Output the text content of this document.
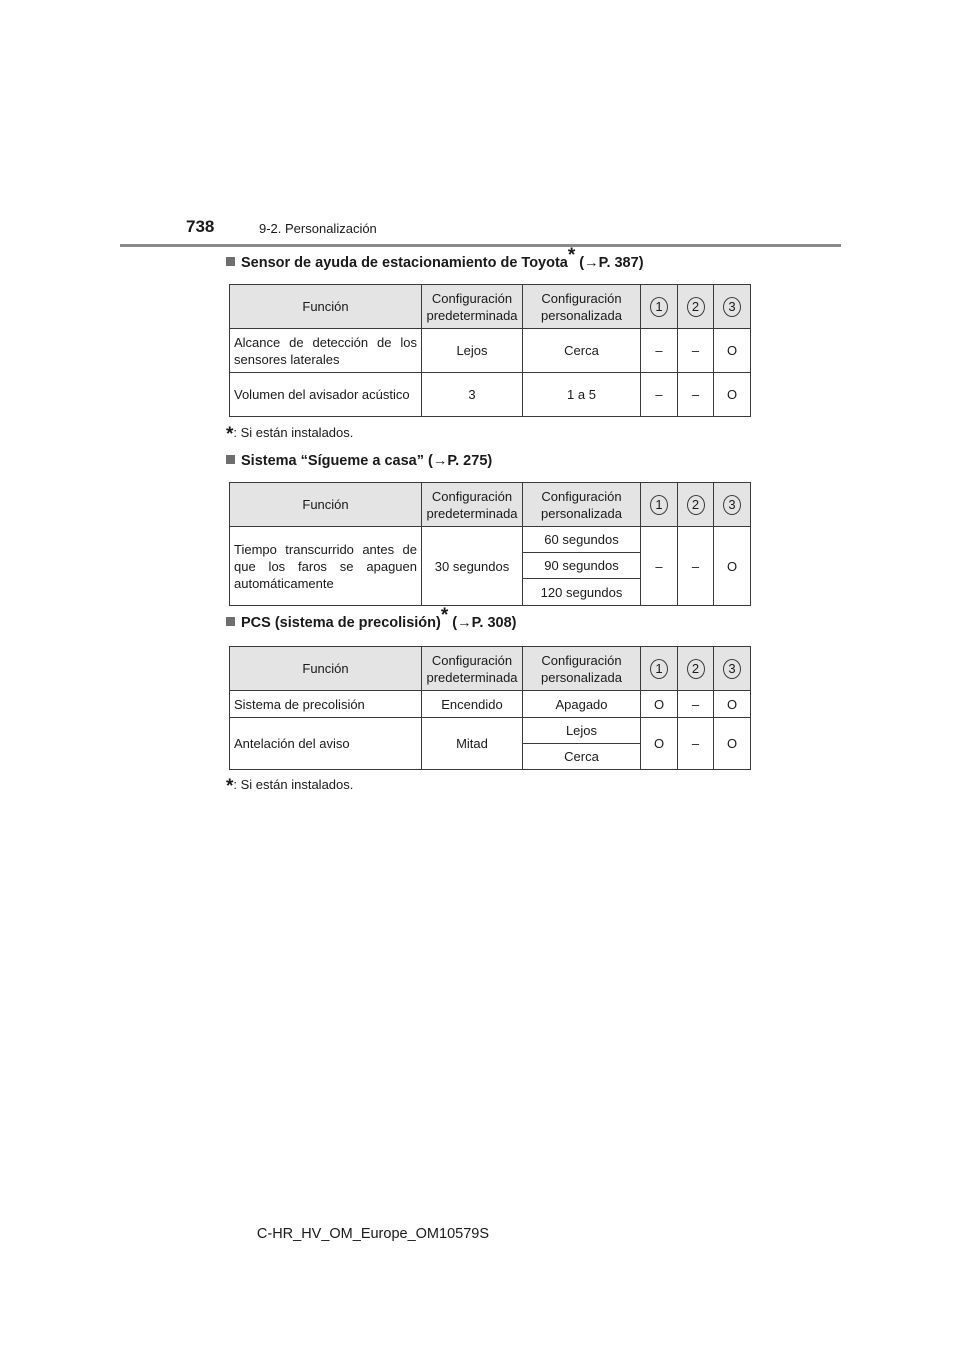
738	9-2. Personalización
Sensor de ayuda de estacionamiento de Toyota* (→P. 387)
Función	Configuración predeterminada	Configuración personalizada	1	2	3
Alcance de detección de los sensores laterales	Lejos	Cerca	–	–	O
Volumen del avisador acústico	3	1 a 5	–	–	O
*: Si están instalados.
Sistema “Sígueme a casa” (→P. 275)
Función	Configuración predeterminada	Configuración personalizada	1	2	3
Tiempo transcurrido antes de que los faros se apaguen automáticamente	30 segundos	60 segundos	–	–	O
		90 segundos			
		120 segundos			
PCS (sistema de precolisión)* (→P. 308)
Función	Configuración predeterminada	Configuración personalizada	1	2	3
Sistema de precolisión	Encendido	Apagado	O	–	O
Antelación del aviso	Mitad	Lejos	O	–	O
		Cerca			
*: Si están instalados.
C-HR_HV_OM_Europe_OM10579S
